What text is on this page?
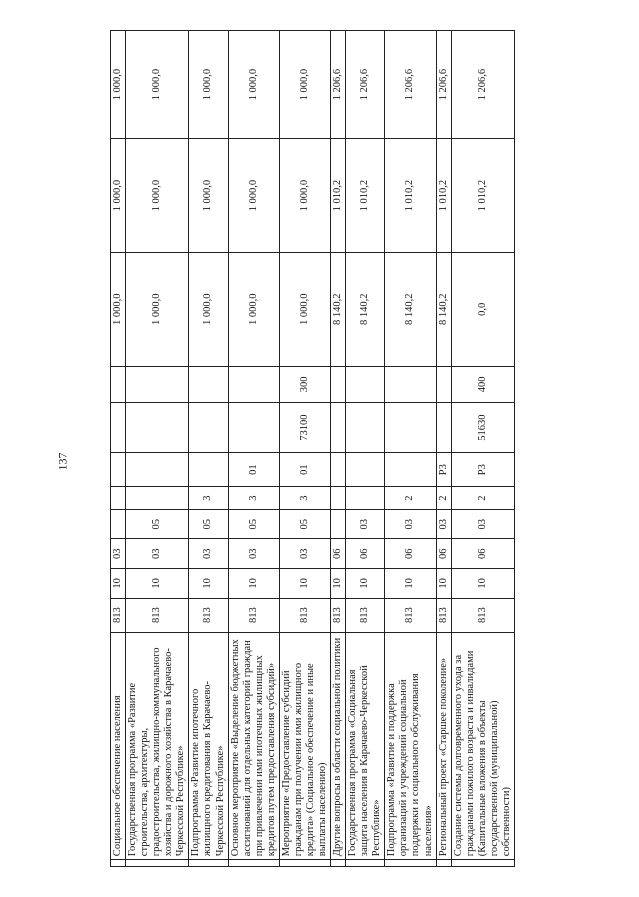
137
	Социальное обеспечение населения	813	10	03						1 000,0	1 000,0	1 000,0
	Государственная программа «Развитие строительства, архитектуры, градостроительства, жилищно-коммунального хозяйства и дорожного хозяйства в Карачаево-Черкесской Республике»	813	10	03	05					1 000,0	1 000,0	1 000,0
	Подпрограмма «Развитие ипотечного жилищного кредитования в Карачаево-Черкесской Республике»	813	10	03	05	3				1 000,0	1 000,0	1 000,0
	Основное мероприятие «Выделение бюджетных ассигнований для отдельных категорий граждан при привлечении ими ипотечных жилищных кредитов путем предоставления субсидий»	813	10	03	05	3	01			1 000,0	1 000,0	1 000,0
	Мероприятие «Предоставление субсидий гражданам при получении ими жилищного кредита» (Социальное обеспечение и иные выплаты населению)	813	10	03	05	3	01	73100	300	1 000,0	1 000,0	1 000,0
	Другие вопросы в области социальной политики	813	10	06						8 140,2	1 010,2	1 206,6
	Государственная программа «Социальная защита населения в Карачаево-Черкесской Республике»	813	10	06	03					8 140,2	1 010,2	1 206,6
	Подпрограмма «Развитие и поддержка организаций и учреждений социальной поддержки и социального обслуживания населения»	813	10	06	03	2				8 140,2	1 010,2	1 206,6
	Региональный проект «Старшее поколение»	813	10	06	03	2	P3			8 140,2	1 010,2	1 206,6
	Создание системы долговременного ухода за гражданами пожилого возраста и инвалидами (Капитальные вложения в объекты государственной (муниципальной) собственности)	813	10	06	03	2	P3	51630	400	0,0	1 010,2	1 206,6
